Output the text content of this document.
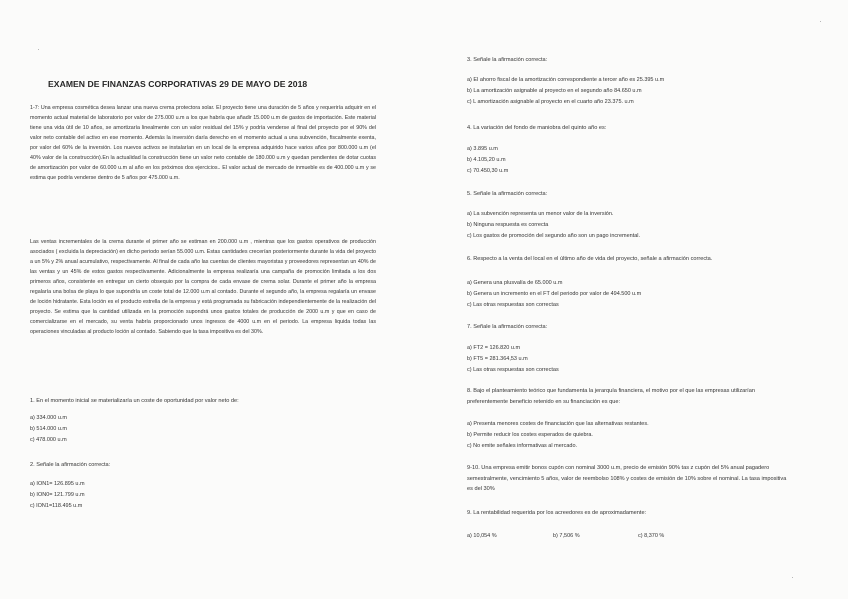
EXAMEN DE FINANZAS CORPORATIVAS 29 DE MAYO DE 2018
1-7: Una empresa cosmética desea lanzar una nueva crema protectora solar. El proyecto tiene una duración de 5 años y requeriría adquirir en el momento actual material de laboratorio por valor de 275.000 u.m a los que habría que añadir 15.000 u.m de gastos de importación. Este material tiene una vida útil de 10 años, se amortizaría linealmente con un valor residual del 15% y podría venderse al final del proyecto por el 90% del valor neto contable del activo en ese momento. Además la inversión daría derecho en el momento actual a una subvención, fiscalmente exenta, por valor del 60% de la inversión. Los nuevos activos se instalarían en un local de la empresa adquirido hace varios años por 800.000 u.m (el 40% valor de la construcción).En la actualidad la construcción tiene un valor neto contable de 180.000 u.m y quedan pendientes de dotar cuotas de amortización por valor de 60.000 u.m al año en los próximos dos ejercicios.. El valor actual de mercado de inmueble es de 400.000 u.m y se estima que podría venderse dentro de 5 años por 475.000 u.m.
Las ventas incrementales de la crema durante el primer año se estiman en 200.000 u.m , mientras que los gastos operativos de producción asociados ( excluida la depreciación) en dicho periodo serían 55.000 u.m. Estas cantidades crecerían posteriormente durante la vida del proyecto a un 5% y 2% anual acumulativo, respectivamente. Al final de cada año las cuentas de clientes mayoristas y proveedores representan un 40% de las ventas y un 45% de estos gastos respectivamente. Adicionalmente la empresa realizaría una campaña de promoción limitada a los dos primeros años, consistente en entregar un cierto obsequio por la compra de cada envase de crema solar. Durante el primer año la empresa regalaría una bolsa de playa lo que supondría un coste total de 12.000 u.m al contado. Durante el segundo año, la empresa regalaría un envase de loción hidratante. Esta loción es el producto estrella de la empresa y está programada su fabricación independientemente de la realización del proyecto. Se estima que la cantidad utilizada en la promoción supondrá unos gastos totales de producción de 2000 u.m y que en caso de comercializarse en el mercado, su venta habría proporcionado unos ingresos de 4000 u.m en el periodo. La empresa liquida todas las operaciones vinculadas al producto loción al contado. Sabiendo que la tasa impositiva es del 30%.
1. En el momento inicial se materializaría un coste de oportunidad por valor neto de:
a) 334.000 u.m
b) 514.000 u.m
c) 478.000 u.m
2. Señale la afirmación correcta:
a) ION1= 126.895 u.m
b) ION0= 121.799 u.m
c) ION1=118.495 u.m
3. Señale la afirmación correcta:
a) El ahorro fiscal de la amortización correspondiente a tercer año es 25.395 u.m
b) La amortización asignable al proyecto en el segundo año 84.650 u.m
c) L amortización asignable al proyecto en el cuarto año 23.375. u.m
4. La variación del fondo de maniobra del quinto año es:
a) 3.895 u.m
b) 4.105,20 u.m
c) 70.450,30 u.m
5. Señale la afirmación correcta:
a) La subvención representa un menor valor de la inversión.
b) Ninguna respuesta es correcta
c) Los gastos de promoción del segundo año son un pago incremental.
6. Respecto a la venta del local en el último año de vida del proyecto, señale a afirmación correcta.
a) Genera una plusvalía de 65.000 u.m
b) Genera un incremento en el FT del periodo por valor de 494.500 u.m
c) Las otras respuestas son correctas
7. Señale la afirmación correcta:
a) FT2 = 126.820 u.m
b) FT5 = 281.364,53 u.m
c) Las otras respuestas son correctas
8. Bajo el planteamiento teórico que fundamenta la jerarquía financiera, el motivo por el que las empresas utilizarían preferentemente beneficio retenido en su financiación es que:
a) Presenta menores costes de financiación que las alternativas restantes.
b) Permite reducir los costes esperados de quiebra.
c) No emite señales informativas al mercado.
9-10. Una empresa emitir bonos cupón con nominal 3000 u.m, precio de emisión 90% tas z cupón del 5% anual pagadero semestralmente, vencimiento 5 años, valor de reembolso 108% y costes de emisión de 10% sobre el nominal. La tasa impositiva es del 30%
9. La rentabilidad requerida por los acreedores es de aproximadamente:
a) 10,054 %	b) 7,506 %	c) 8,370 %
